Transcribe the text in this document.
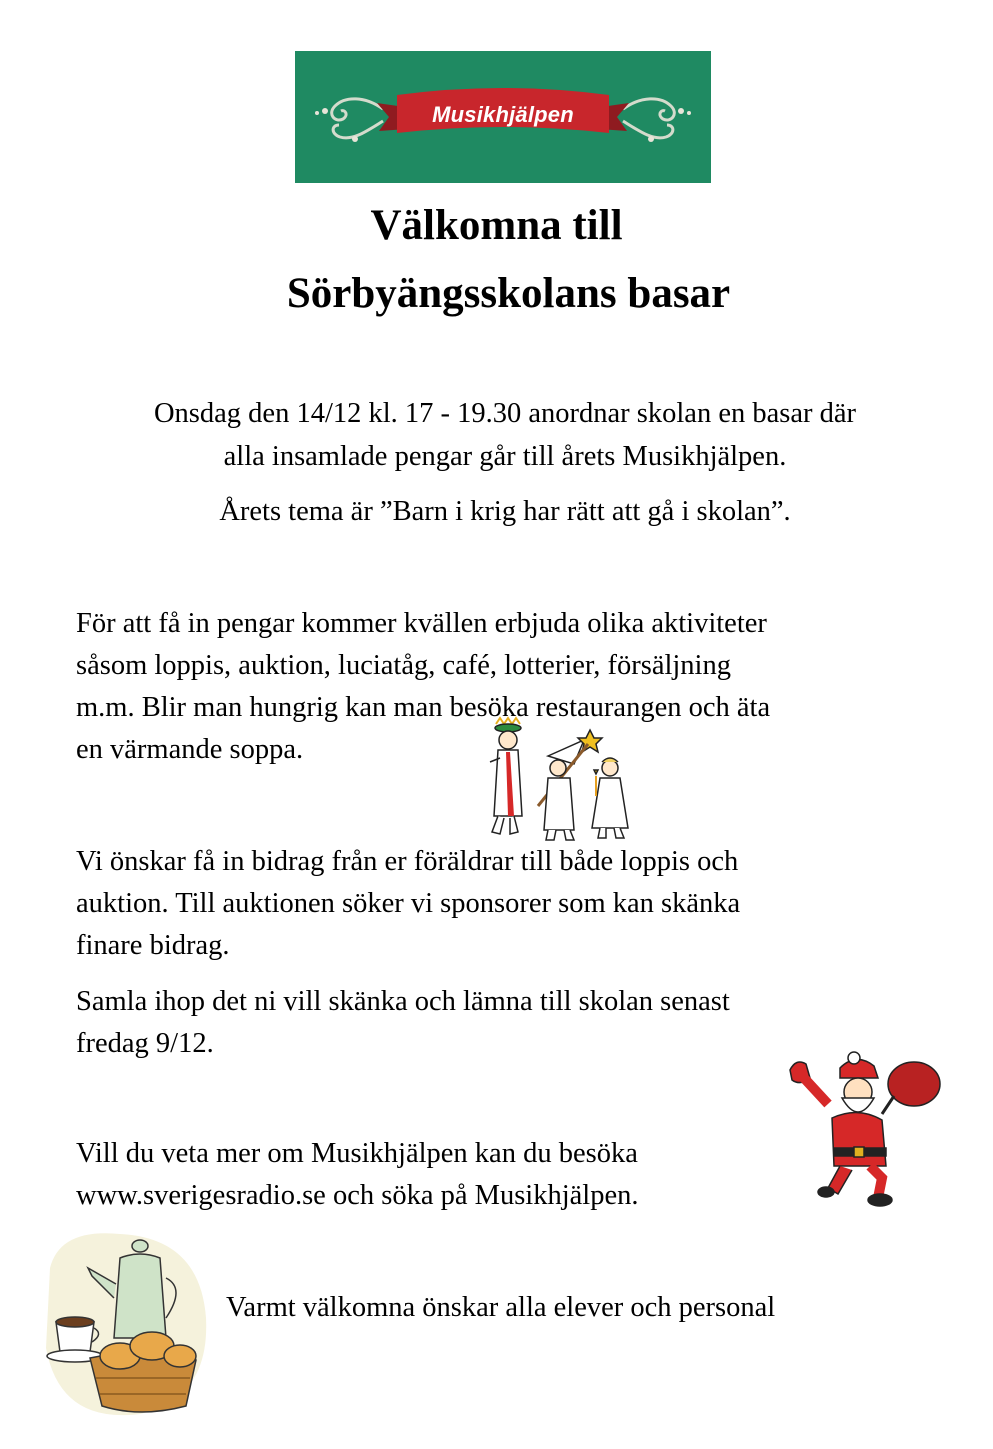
Musikhjälpen
Välkomna till
Sörbyängsskolans basar
Onsdag den 14/12 kl. 17 - 19.30 anordnar skolan en basar där
alla insamlade pengar går till årets Musikhjälpen.
Årets tema är ”Barn i krig har rätt att gå i skolan”.
För att få in pengar kommer kvällen erbjuda olika aktiviteter
såsom loppis, auktion, luciatåg, café, lotterier, försäljning
m.m. Blir man hungrig kan man besöka restaurangen och äta
en värmande soppa.
Vi önskar få in bidrag från er föräldrar till både loppis och
auktion. Till auktionen söker vi sponsorer som kan skänka
finare bidrag.
Samla ihop det ni vill skänka och lämna till skolan senast
fredag 9/12.
Vill du veta mer om Musikhjälpen kan du besöka
www.sverigesradio.se och söka på Musikhjälpen.
Varmt välkomna önskar alla elever och personal
